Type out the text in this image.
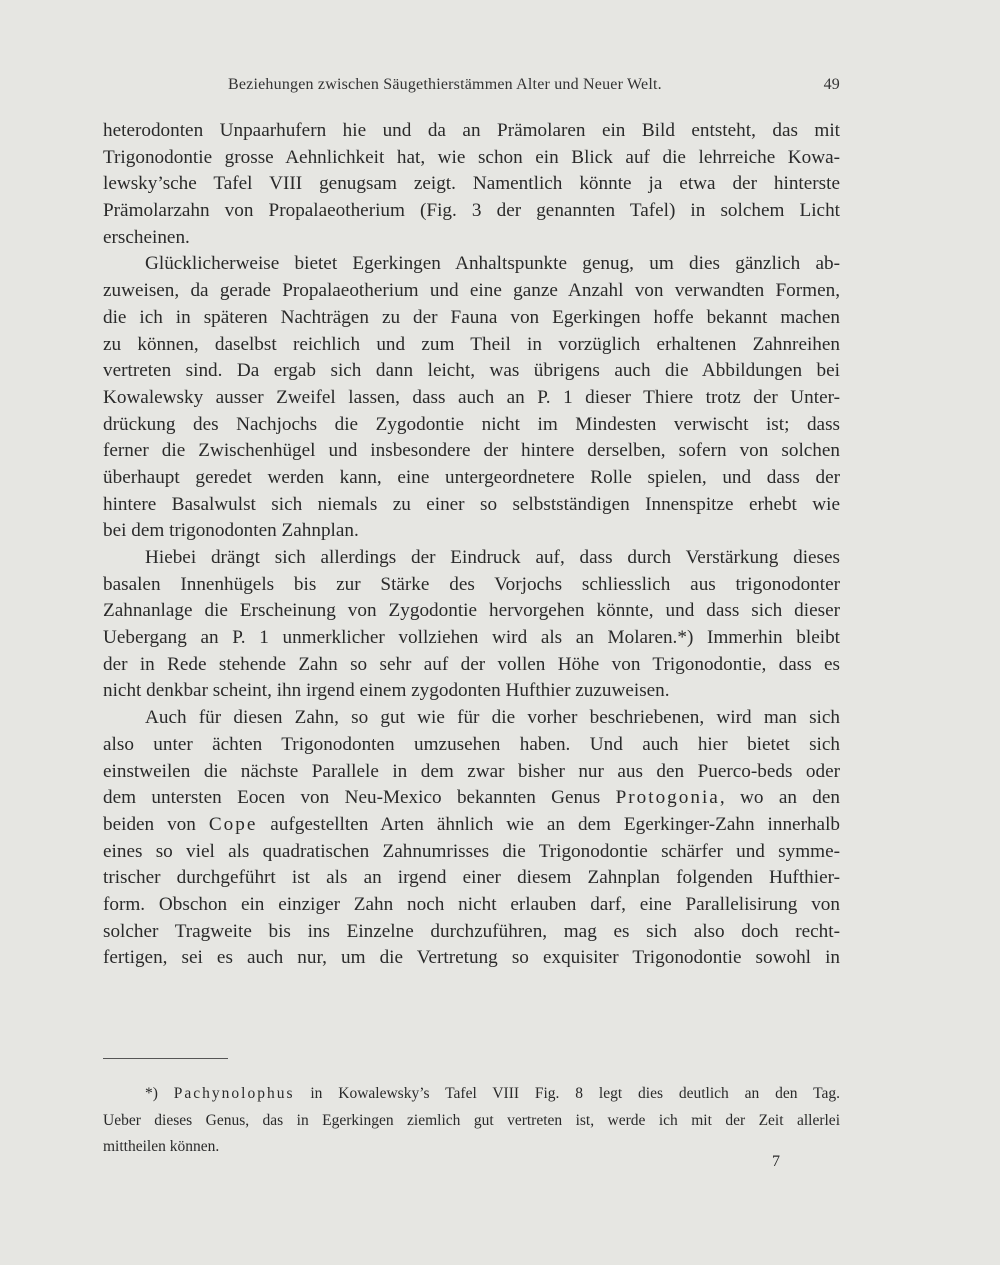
Beziehungen zwischen Säugethierstämmen Alter und Neuer Welt.	49
heterodonten Unpaarhufern hie und da an Prämolaren ein Bild entsteht, das mit
Trigonodontie grosse Aehnlichkeit hat, wie schon ein Blick auf die lehrreiche Kowa-
lewsky’sche Tafel VIII genugsam zeigt. Namentlich könnte ja etwa der hinterste
Prämolarzahn von Propalaeotherium (Fig. 3 der genannten Tafel) in solchem Licht
erscheinen.
Glücklicherweise bietet Egerkingen Anhaltspunkte genug, um dies gänzlich ab-
zuweisen, da gerade Propalaeotherium und eine ganze Anzahl von verwandten Formen,
die ich in späteren Nachträgen zu der Fauna von Egerkingen hoffe bekannt machen
zu können, daselbst reichlich und zum Theil in vorzüglich erhaltenen Zahnreihen
vertreten sind. Da ergab sich dann leicht, was übrigens auch die Abbildungen bei
Kowalewsky ausser Zweifel lassen, dass auch an P. 1 dieser Thiere trotz der Unter-
drückung des Nachjochs die Zygodontie nicht im Mindesten verwischt ist; dass
ferner die Zwischenhügel und insbesondere der hintere derselben, sofern von solchen
überhaupt geredet werden kann, eine untergeordnetere Rolle spielen, und dass der
hintere Basalwulst sich niemals zu einer so selbstständigen Innenspitze erhebt wie
bei dem trigonodonten Zahnplan.
Hiebei drängt sich allerdings der Eindruck auf, dass durch Verstärkung dieses
basalen Innenhügels bis zur Stärke des Vorjochs schliesslich aus trigonodonter
Zahnanlage die Erscheinung von Zygodontie hervorgehen könnte, und dass sich dieser
Uebergang an P. 1 unmerklicher vollziehen wird als an Molaren.*) Immerhin bleibt
der in Rede stehende Zahn so sehr auf der vollen Höhe von Trigonodontie, dass es
nicht denkbar scheint, ihn irgend einem zygodonten Hufthier zuzuweisen.
Auch für diesen Zahn, so gut wie für die vorher beschriebenen, wird man sich
also unter ächten Trigonodonten umzusehen haben. Und auch hier bietet sich
einstweilen die nächste Parallele in dem zwar bisher nur aus den Puerco-beds oder
dem untersten Eocen von Neu-Mexico bekannten Genus Protogonia, wo an den
beiden von Cope aufgestellten Arten ähnlich wie an dem Egerkinger-Zahn innerhalb
eines so viel als quadratischen Zahnumrisses die Trigonodontie schärfer und symme-
trischer durchgeführt ist als an irgend einer diesem Zahnplan folgenden Hufthier-
form. Obschon ein einziger Zahn noch nicht erlauben darf, eine Parallelisirung von
solcher Tragweite bis ins Einzelne durchzuführen, mag es sich also doch recht-
fertigen, sei es auch nur, um die Vertretung so exquisiter Trigonodontie sowohl in
*) Pachynolophus in Kowalewsky’s Tafel VIII Fig. 8 legt dies deutlich an den Tag.
Ueber dieses Genus, das in Egerkingen ziemlich gut vertreten ist, werde ich mit der Zeit allerlei
mittheilen können.
7
